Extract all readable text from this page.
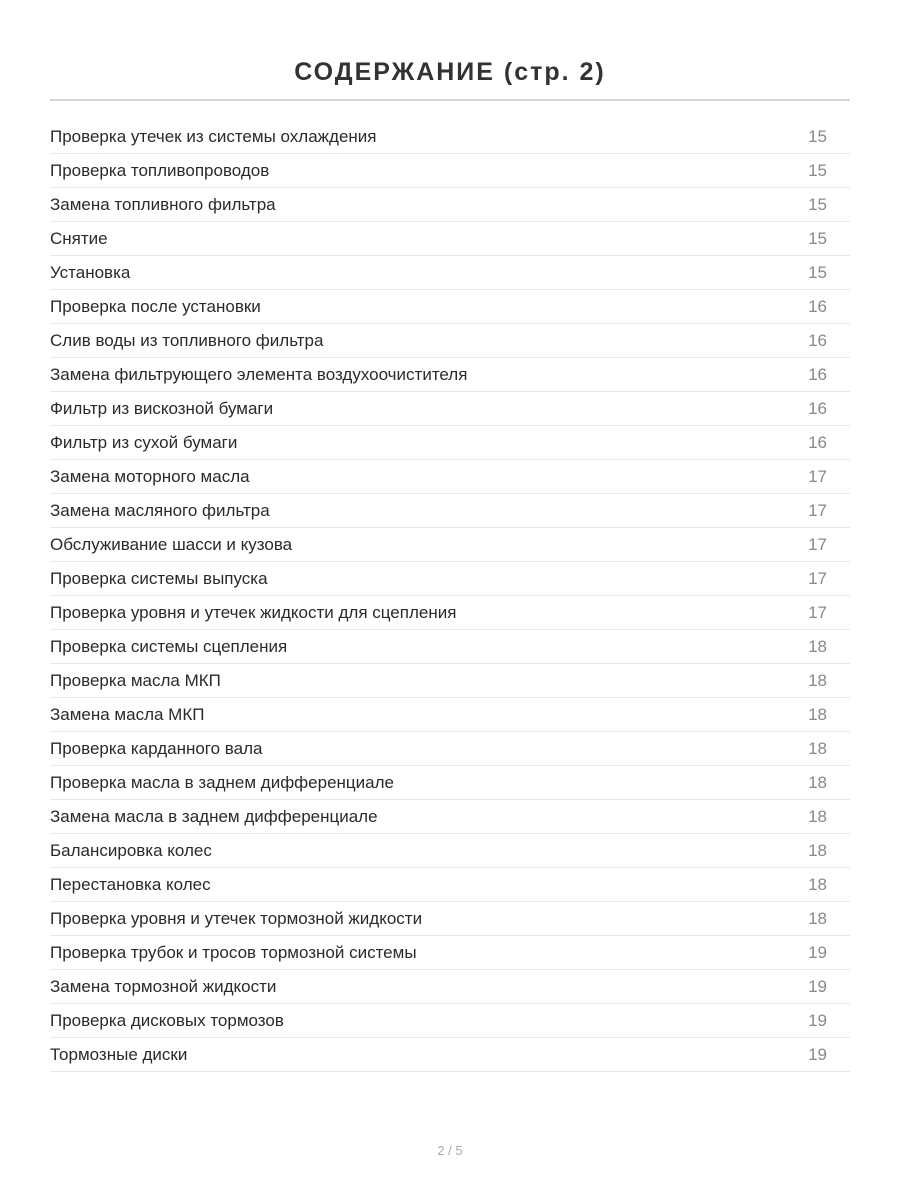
СОДЕРЖАНИЕ (стр. 2)
Проверка утечек из системы охлаждения	15
Проверка топливопроводов	15
Замена топливного фильтра	15
Снятие	15
Установка	15
Проверка после установки	16
Слив воды из топливного фильтра	16
Замена фильтрующего элемента воздухоочистителя	16
Фильтр из вискозной бумаги	16
Фильтр из сухой бумаги	16
Замена моторного масла	17
Замена масляного фильтра	17
Обслуживание шасси и кузова	17
Проверка системы выпуска	17
Проверка уровня и утечек жидкости для сцепления	17
Проверка системы сцепления	18
Проверка масла МКП	18
Замена масла МКП	18
Проверка карданного вала	18
Проверка масла в заднем дифференциале	18
Замена масла в заднем дифференциале	18
Балансировка колес	18
Перестановка колес	18
Проверка уровня и утечек тормозной жидкости	18
Проверка трубок и тросов тормозной системы	19
Замена тормозной жидкости	19
Проверка дисковых тормозов	19
Тормозные диски	19
2 / 5
